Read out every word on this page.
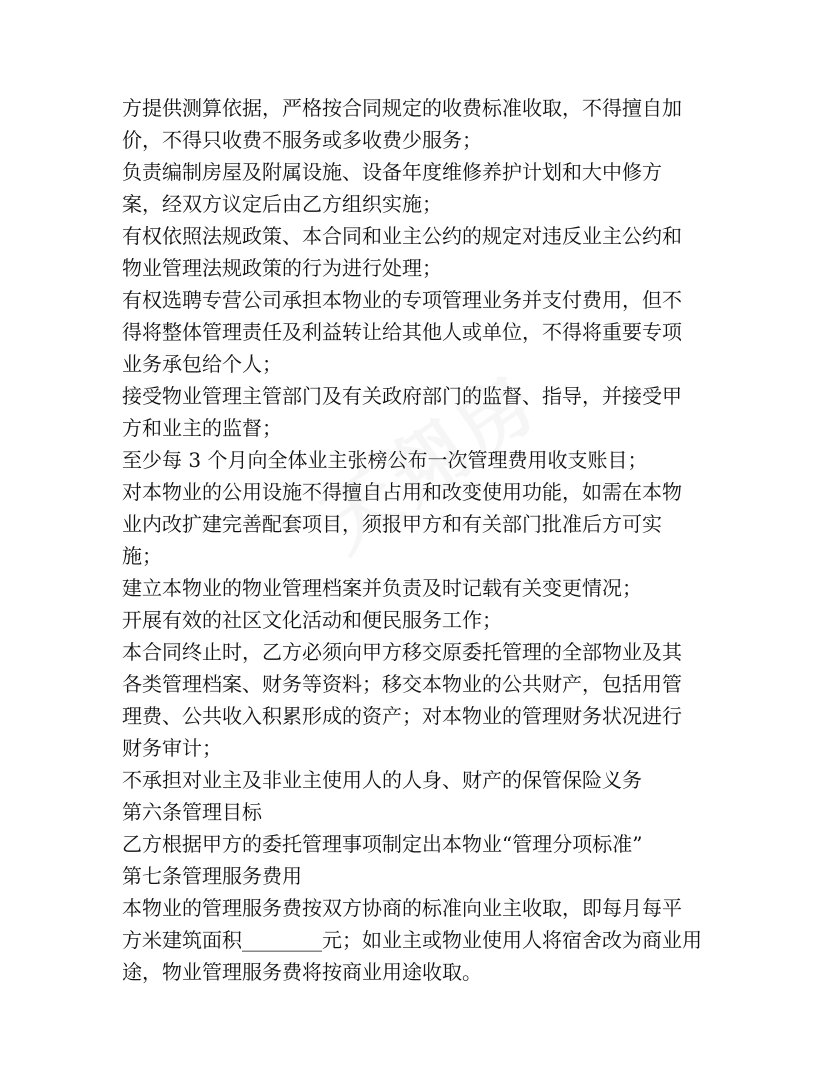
方提供测算依据，严格按合同规定的收费标准收取，不得擅自加
价，不得只收费不服务或多收费少服务；
负责编制房屋及附属设施、设备年度维修养护计划和大中修方
案，经双方议定后由乙方组织实施；
有权依照法规政策、本合同和业主公约的规定对违反业主公约和
物业管理法规政策的行为进行处理；
有权选聘专营公司承担本物业的专项管理业务并支付费用，但不
得将整体管理责任及利益转让给其他人或单位，不得将重要专项
业务承包给个人；
接受物业管理主管部门及有关政府部门的监督、指导，并接受甲
方和业主的监督；
至少每 3 个月向全体业主张榜公布一次管理费用收支账目；
对本物业的公用设施不得擅自占用和改变使用功能，如需在本物
业内改扩建完善配套项目，须报甲方和有关部门批准后方可实
施；
建立本物业的物业管理档案并负责及时记载有关变更情况；
开展有效的社区文化活动和便民服务工作；
本合同终止时，乙方必须向甲方移交原委托管理的全部物业及其
各类管理档案、财务等资料；移交本物业的公共财产，包括用管
理费、公共收入积累形成的资产；对本物业的管理财务状况进行
财务审计；
不承担对业主及非业主使用人的人身、财产的保管保险义务
第六条管理目标
乙方根据甲方的委托管理事项制定出本物业“管理分项标准”
第七条管理服务费用
本物业的管理服务费按双方协商的标准向业主收取，即每月每平
方米建筑面积________元；如业主或物业使用人将宿舍改为商业用
途，物业管理服务费将按商业用途收取。
